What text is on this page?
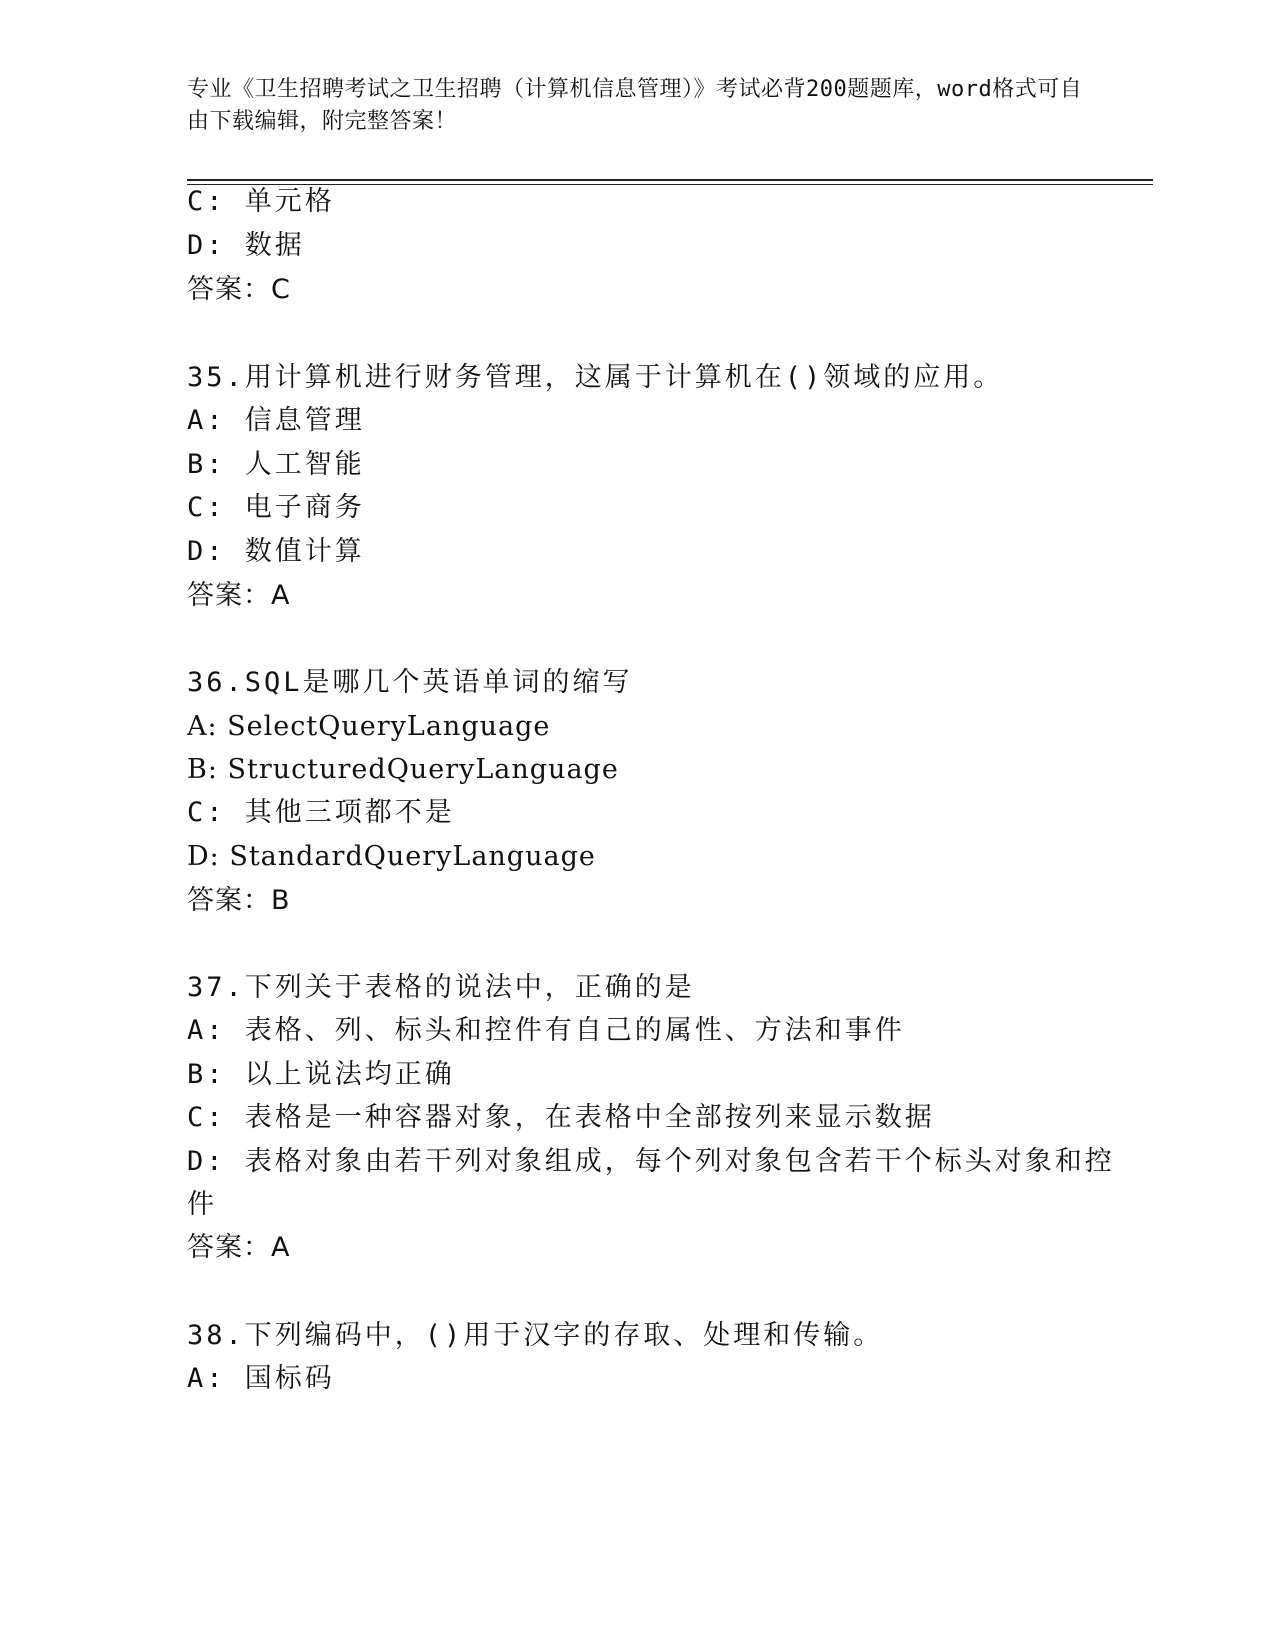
专业《卫生招聘考试之卫生招聘（计算机信息管理）》考试必背200题题库，word格式可自由下载编辑，附完整答案！
C: 单元格
D: 数据
答案：C
35.用计算机进行财务管理，这属于计算机在()领域的应用。
A: 信息管理
B: 人工智能
C: 电子商务
D: 数值计算
答案：A
36.SQL是哪几个英语单词的缩写
A: SelectQueryLanguage
B: StructuredQueryLanguage
C: 其他三项都不是
D: StandardQueryLanguage
答案：B
37.下列关于表格的说法中，正确的是
A: 表格、列、标头和控件有自己的属性、方法和事件
B: 以上说法均正确
C: 表格是一种容器对象，在表格中全部按列来显示数据
D: 表格对象由若干列对象组成，每个列对象包含若干个标头对象和控
件
答案：A
38.下列编码中，()用于汉字的存取、处理和传输。
A: 国标码
